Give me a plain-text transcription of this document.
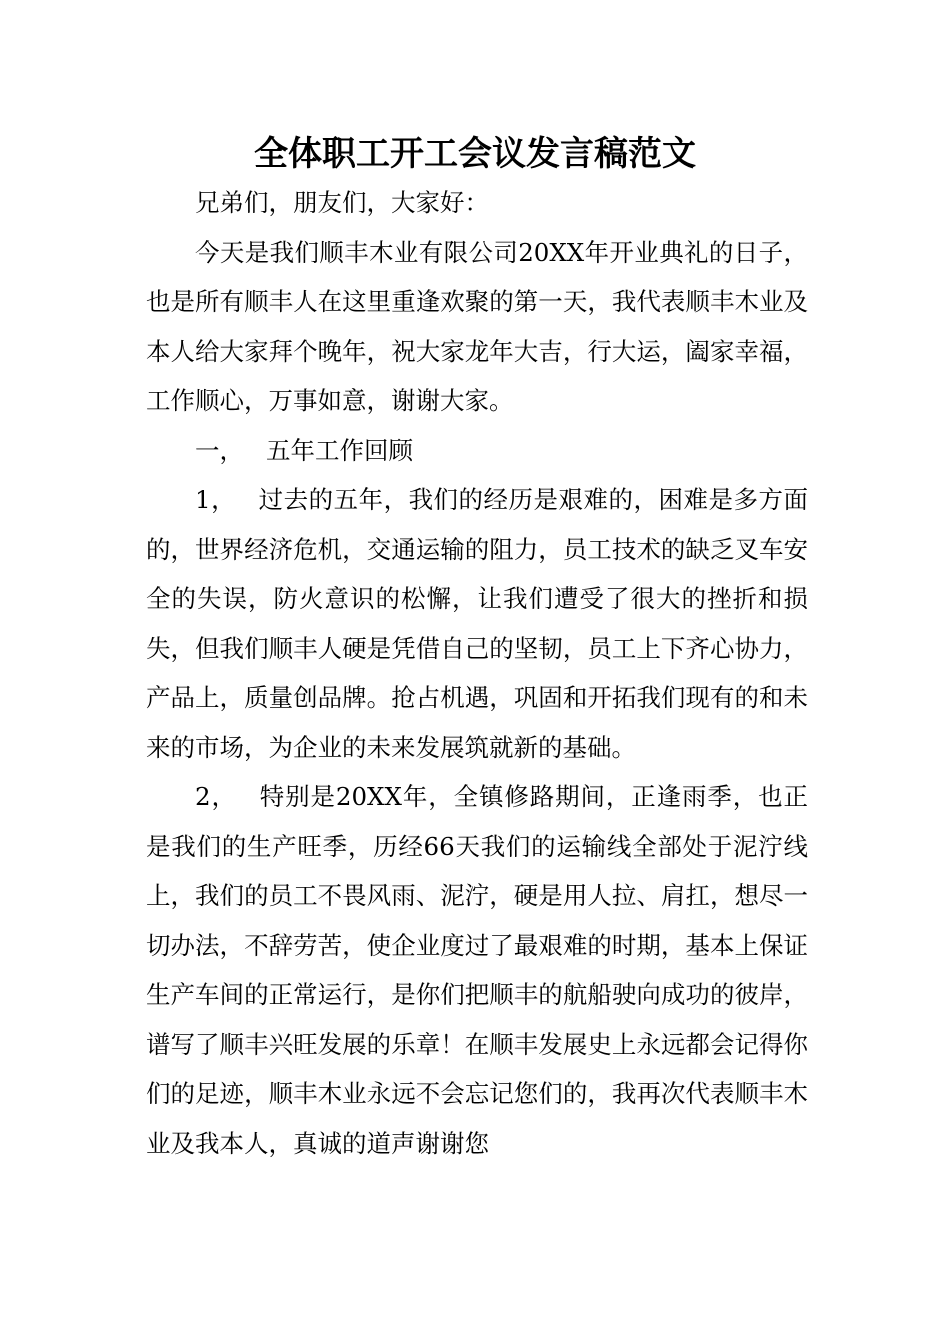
全体职工开工会议发言稿范文

兄弟们，朋友们，大家好：

今天是我们顺丰木业有限公司20XX年开业典礼的日子，也是所有顺丰人在这里重逢欢聚的第一天，我代表顺丰木业及本人给大家拜个晚年，祝大家龙年大吉，行大运，阖家幸福，工作顺心，万事如意，谢谢大家。

一， 五年工作回顾

1， 过去的五年，我们的经历是艰难的，困难是多方面的，世界经济危机，交通运输的阻力，员工技术的缺乏叉车安全的失误，防火意识的松懈，让我们遭受了很大的挫折和损失，但我们顺丰人硬是凭借自己的坚韧，员工上下齐心协力，产品上，质量创品牌。抢占机遇，巩固和开拓我们现有的和未来的市场，为企业的未来发展筑就新的基础。

2， 特别是20XX年，全镇修路期间，正逢雨季，也正是我们的生产旺季，历经66天我们的运输线全部处于泥泞线上，我们的员工不畏风雨、泥泞，硬是用人拉、肩扛，想尽一切办法，不辞劳苦，使企业度过了最艰难的时期，基本上保证生产车间的正常运行，是你们把顺丰的航船驶向成功的彼岸，谱写了顺丰兴旺发展的乐章！在顺丰发展史上永远都会记得你们的足迹，顺丰木业永远不会忘记您们的，我再次代表顺丰木业及我本人，真诚的道声谢谢您
